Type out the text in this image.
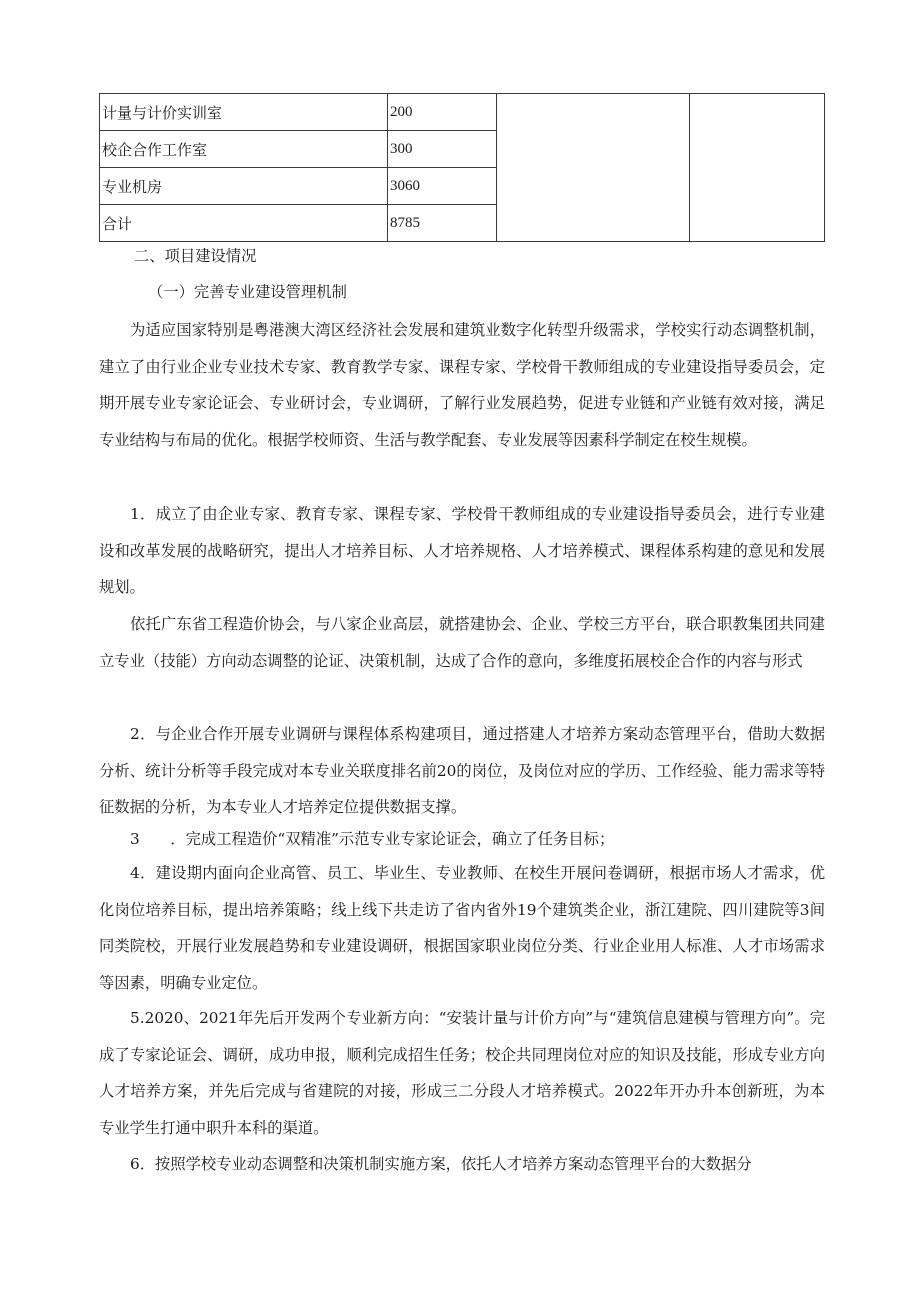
计量与计价实训室	200		
校企合作工作室	300		
专业机房	3060		
合计	8785		
二、项目建设情况
（一）完善专业建设管理机制

为适应国家特别是粤港澳大湾区经济社会发展和建筑业数字化转型升级需求，学校实行动态调整机制，建立了由行业企业专业技术专家、教育教学专家、课程专家、学校骨干教师组成的专业建设指导委员会，定期开展专业专家论证会、专业研讨会，专业调研，了解行业发展趋势，促进专业链和产业链有效对接，满足专业结构与布局的优化。根据学校师资、生活与教学配套、专业发展等因素科学制定在校生规模。

1．成立了由企业专家、教育专家、课程专家、学校骨干教师组成的专业建设指导委员会，进行专业建设和改革发展的战略研究，提出人才培养目标、人才培养规格、人才培养模式、课程体系构建的意见和发展规划。

依托广东省工程造价协会，与八家企业高层，就搭建协会、企业、学校三方平台，联合职教集团共同建立专业（技能）方向动态调整的论证、决策机制，达成了合作的意向，多维度拓展校企合作的内容与形式

2．与企业合作开展专业调研与课程体系构建项目，通过搭建人才培养方案动态管理平台，借助大数据分析、统计分析等手段完成对本专业关联度排名前20的岗位，及岗位对应的学历、工作经验、能力需求等特征数据的分析，为本专业人才培养定位提供数据支撑。

3　　．完成工程造价“双精准”示范专业专家论证会，确立了任务目标；

4．建设期内面向企业高管、员工、毕业生、专业教师、在校生开展问卷调研，根据市场人才需求，优化岗位培养目标，提出培养策略；线上线下共走访了省内省外19个建筑类企业，浙江建院、四川建院等3间同类院校，开展行业发展趋势和专业建设调研，根据国家职业岗位分类、行业企业用人标准、人才市场需求等因素，明确专业定位。

5.2020、2021年先后开发两个专业新方向：“安装计量与计价方向”与“建筑信息建模与管理方向”。完成了专家论证会、调研，成功申报，顺利完成招生任务；校企共同理岗位对应的知识及技能，形成专业方向人才培养方案，并先后完成与省建院的对接，形成三二分段人才培养模式。2022年开办升本创新班，为本专业学生打通中职升本科的渠道。

6．按照学校专业动态调整和决策机制实施方案，依托人才培养方案动态管理平台的大数据分
